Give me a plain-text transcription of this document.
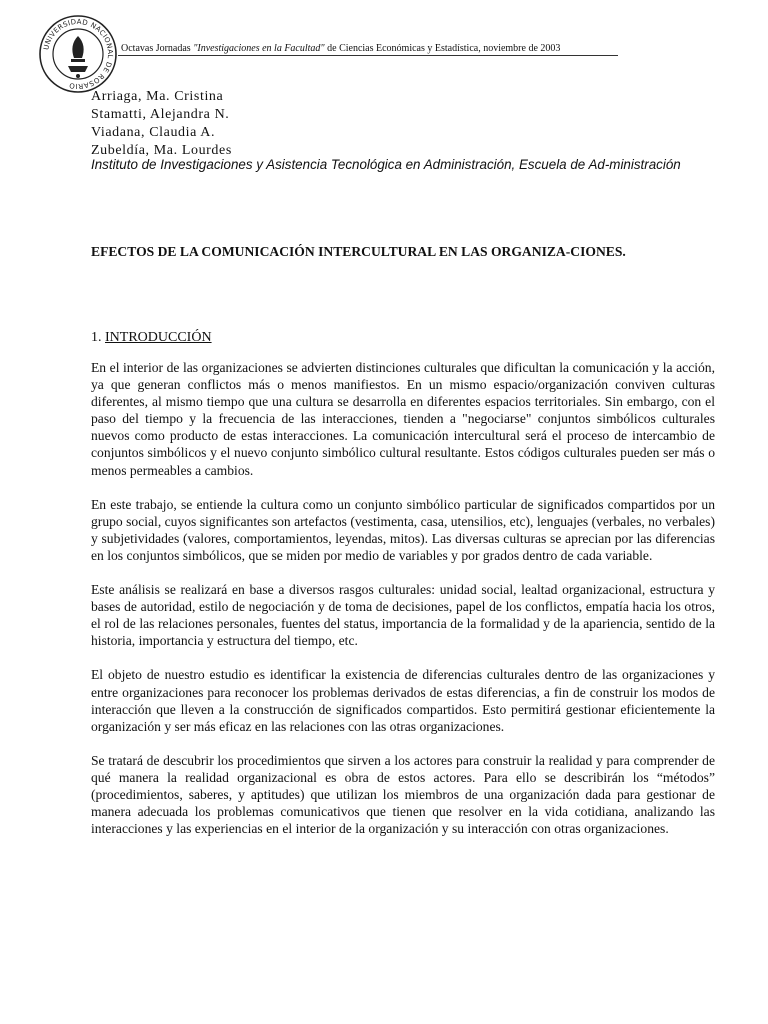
UNIVERSIDAD NACIONAL DE ROSARIO
Octavas Jornadas "Investigaciones en la Facultad" de Ciencias Económicas y Estadística, noviembre de 2003
Arriaga, Ma. Cristina
Stamatti, Alejandra N.
Viadana, Claudia A.
Zubeldía, Ma. Lourdes
Instituto de Investigaciones y Asistencia Tecnológica en Administración, Escuela de Ad-ministración
EFECTOS DE LA COMUNICACIÓN INTERCULTURAL EN LAS ORGANIZA-CIONES.
1. INTRODUCCIÓN

En el interior de las organizaciones se advierten distinciones culturales que dificultan la comunicación y la acción, ya que generan conflictos más o menos manifiestos. En un mismo espacio/organización conviven culturas diferentes, al mismo tiempo que una cultura se desarrolla en diferentes espacios territoriales. Sin embargo, con el paso del tiempo y la frecuencia de las interacciones, tienden a "negociarse" conjuntos simbólicos culturales nuevos como producto de estas interacciones. La comunicación intercultural será el proceso de intercambio de conjuntos simbólicos y el nuevo conjunto simbólico cultural resultante. Estos códigos culturales pueden ser más o menos permeables a cambios.

En este trabajo, se entiende la cultura como un conjunto simbólico particular de significados compartidos por un grupo social, cuyos significantes son artefactos (vestimenta, casa, utensilios, etc), lenguajes (verbales, no verbales) y subjetividades (valores, comportamientos, leyendas, mitos). Las diversas culturas se aprecian por las diferencias en los conjuntos simbólicos, que se miden por medio de variables y por grados dentro de cada variable.

Este análisis se realizará en base a diversos rasgos culturales: unidad social, lealtad organizacional, estructura y bases de autoridad, estilo de negociación y de toma de decisiones, papel de los conflictos, empatía hacia los otros, el rol de las relaciones personales, fuentes del status, importancia de la formalidad y de la apariencia, sentido de la historia, importancia y estructura del tiempo, etc.

El objeto de nuestro estudio es identificar la existencia de diferencias culturales dentro de las organizaciones y entre organizaciones para reconocer los problemas derivados de estas diferencias, a fin de construir los modos de interacción que lleven a la construcción de significados compartidos. Esto permitirá gestionar eficientemente la organización y ser más eficaz en las relaciones con las otras organizaciones.

Se tratará de descubrir los procedimientos que sirven a los actores para construir la realidad y para comprender de qué manera la realidad organizacional es obra de estos actores. Para ello se describirán los “métodos” (procedimientos, saberes, y aptitudes) que utilizan los miembros de una organización dada para gestionar de manera adecuada los problemas comunicativos que tienen que resolver en la vida cotidiana, analizando las interacciones y las experiencias en el interior de la organización y su interacción con otras organizaciones.
